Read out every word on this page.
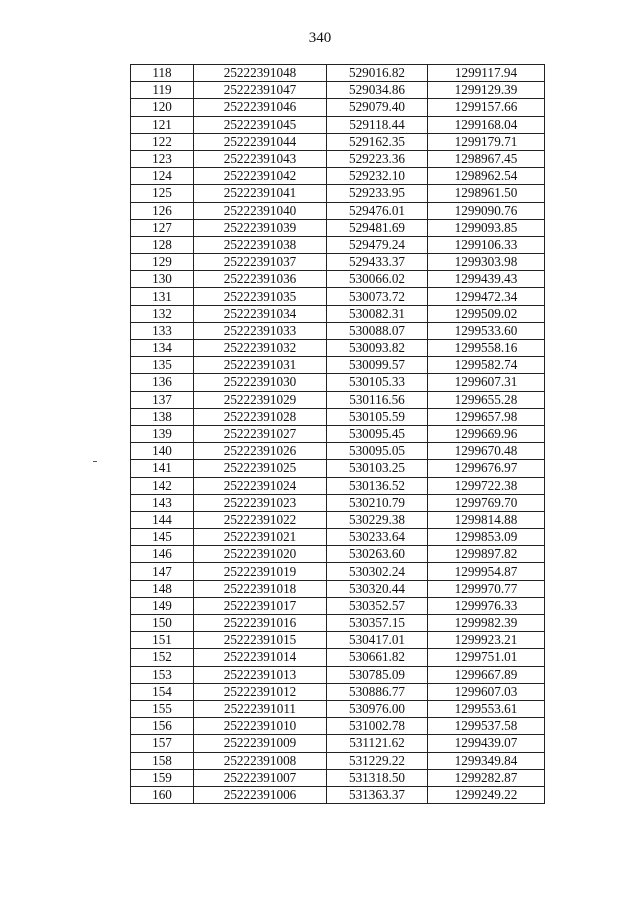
340
118	25222391048	529016.82	1299117.94
119	25222391047	529034.86	1299129.39
120	25222391046	529079.40	1299157.66
121	25222391045	529118.44	1299168.04
122	25222391044	529162.35	1299179.71
123	25222391043	529223.36	1298967.45
124	25222391042	529232.10	1298962.54
125	25222391041	529233.95	1298961.50
126	25222391040	529476.01	1299090.76
127	25222391039	529481.69	1299093.85
128	25222391038	529479.24	1299106.33
129	25222391037	529433.37	1299303.98
130	25222391036	530066.02	1299439.43
131	25222391035	530073.72	1299472.34
132	25222391034	530082.31	1299509.02
133	25222391033	530088.07	1299533.60
134	25222391032	530093.82	1299558.16
135	25222391031	530099.57	1299582.74
136	25222391030	530105.33	1299607.31
137	25222391029	530116.56	1299655.28
138	25222391028	530105.59	1299657.98
139	25222391027	530095.45	1299669.96
140	25222391026	530095.05	1299670.48
141	25222391025	530103.25	1299676.97
142	25222391024	530136.52	1299722.38
143	25222391023	530210.79	1299769.70
144	25222391022	530229.38	1299814.88
145	25222391021	530233.64	1299853.09
146	25222391020	530263.60	1299897.82
147	25222391019	530302.24	1299954.87
148	25222391018	530320.44	1299970.77
149	25222391017	530352.57	1299976.33
150	25222391016	530357.15	1299982.39
151	25222391015	530417.01	1299923.21
152	25222391014	530661.82	1299751.01
153	25222391013	530785.09	1299667.89
154	25222391012	530886.77	1299607.03
155	25222391011	530976.00	1299553.61
156	25222391010	531002.78	1299537.58
157	25222391009	531121.62	1299439.07
158	25222391008	531229.22	1299349.84
159	25222391007	531318.50	1299282.87
160	25222391006	531363.37	1299249.22
